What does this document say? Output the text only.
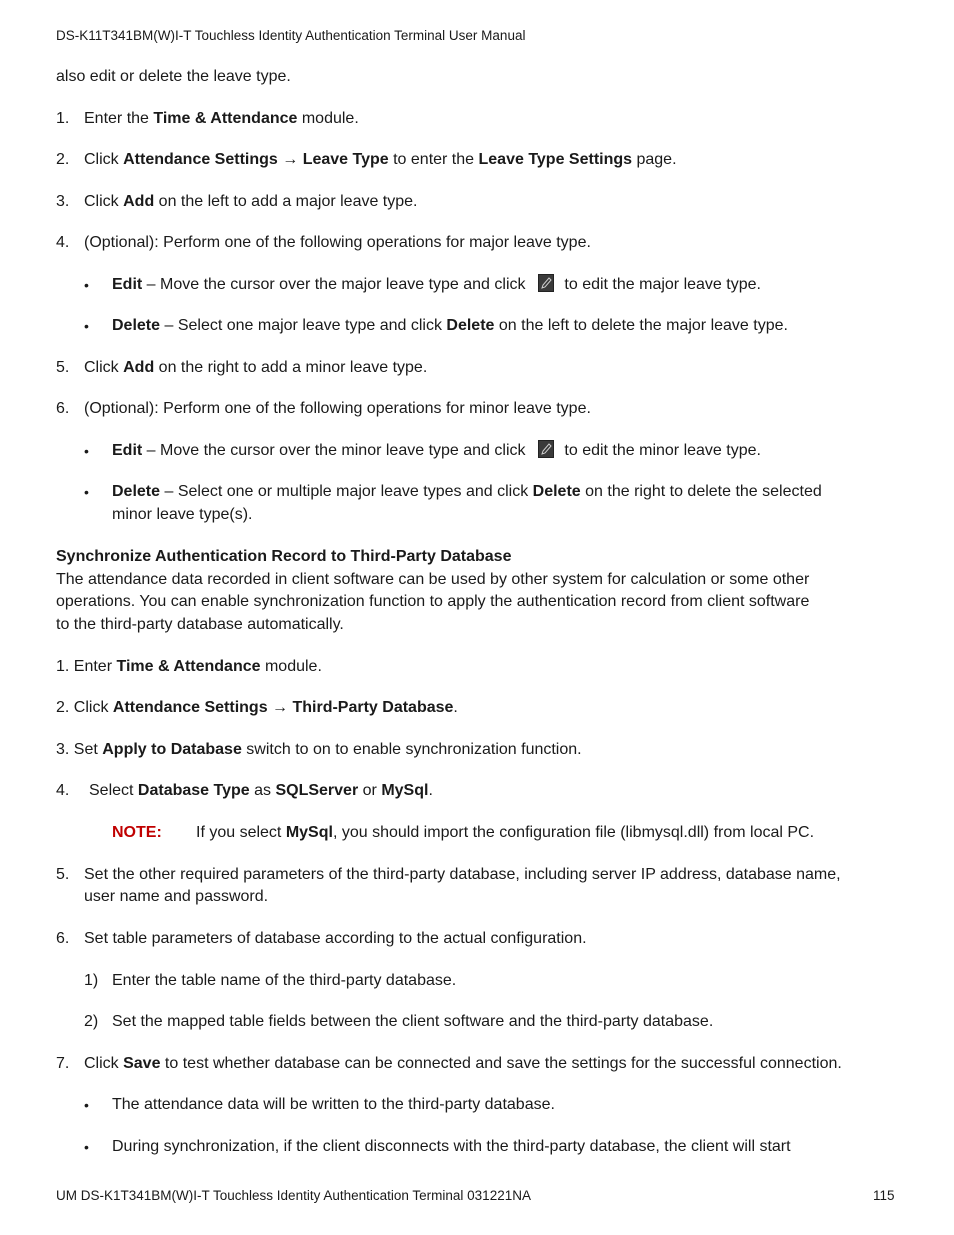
DS-K11T341BM(W)I-T Touchless Identity Authentication Terminal User Manual
also edit or delete the leave type.
1. Enter the Time & Attendance module.
2. Click Attendance Settings → Leave Type to enter the Leave Type Settings page.
3. Click Add on the left to add a major leave type.
4. (Optional): Perform one of the following operations for major leave type.
• Edit – Move the cursor over the major leave type and click
to edit the major leave type.
• Delete – Select one major leave type and click Delete on the left to delete the major leave type.
5. Click Add on the right to add a minor leave type.
6. (Optional): Perform one of the following operations for minor leave type.
• Edit – Move the cursor over the minor leave type and click
to edit the minor leave type.
• Delete – Select one or multiple major leave types and click Delete on the right to delete the selected
minor leave type(s).
Synchronize Authentication Record to Third-Party Database
The attendance data recorded in client software can be used by other system for calculation or some other
operations. You can enable synchronization function to apply the authentication record from client software
to the third-party database automatically.
1. Enter Time & Attendance module.
2. Click Attendance Settings → Third-Party Database.
3. Set Apply to Database switch to on to enable synchronization function.
4. Select Database Type as SQLServer or MySql.
NOTE: If you select MySql, you should import the configuration file (libmysql.dll) from local PC.
5. Set the other required parameters of the third-party database, including server IP address, database name,
user name and password.
6. Set table parameters of database according to the actual configuration.
1) Enter the table name of the third-party database.
2) Set the mapped table fields between the client software and the third-party database.
7. Click Save to test whether database can be connected and save the settings for the successful connection.
• The attendance data will be written to the third-party database.
• During synchronization, if the client disconnects with the third-party database, the client will start
UM DS-K1T341BM(W)I-T Touchless Identity Authentication Terminal 031221NA	115
